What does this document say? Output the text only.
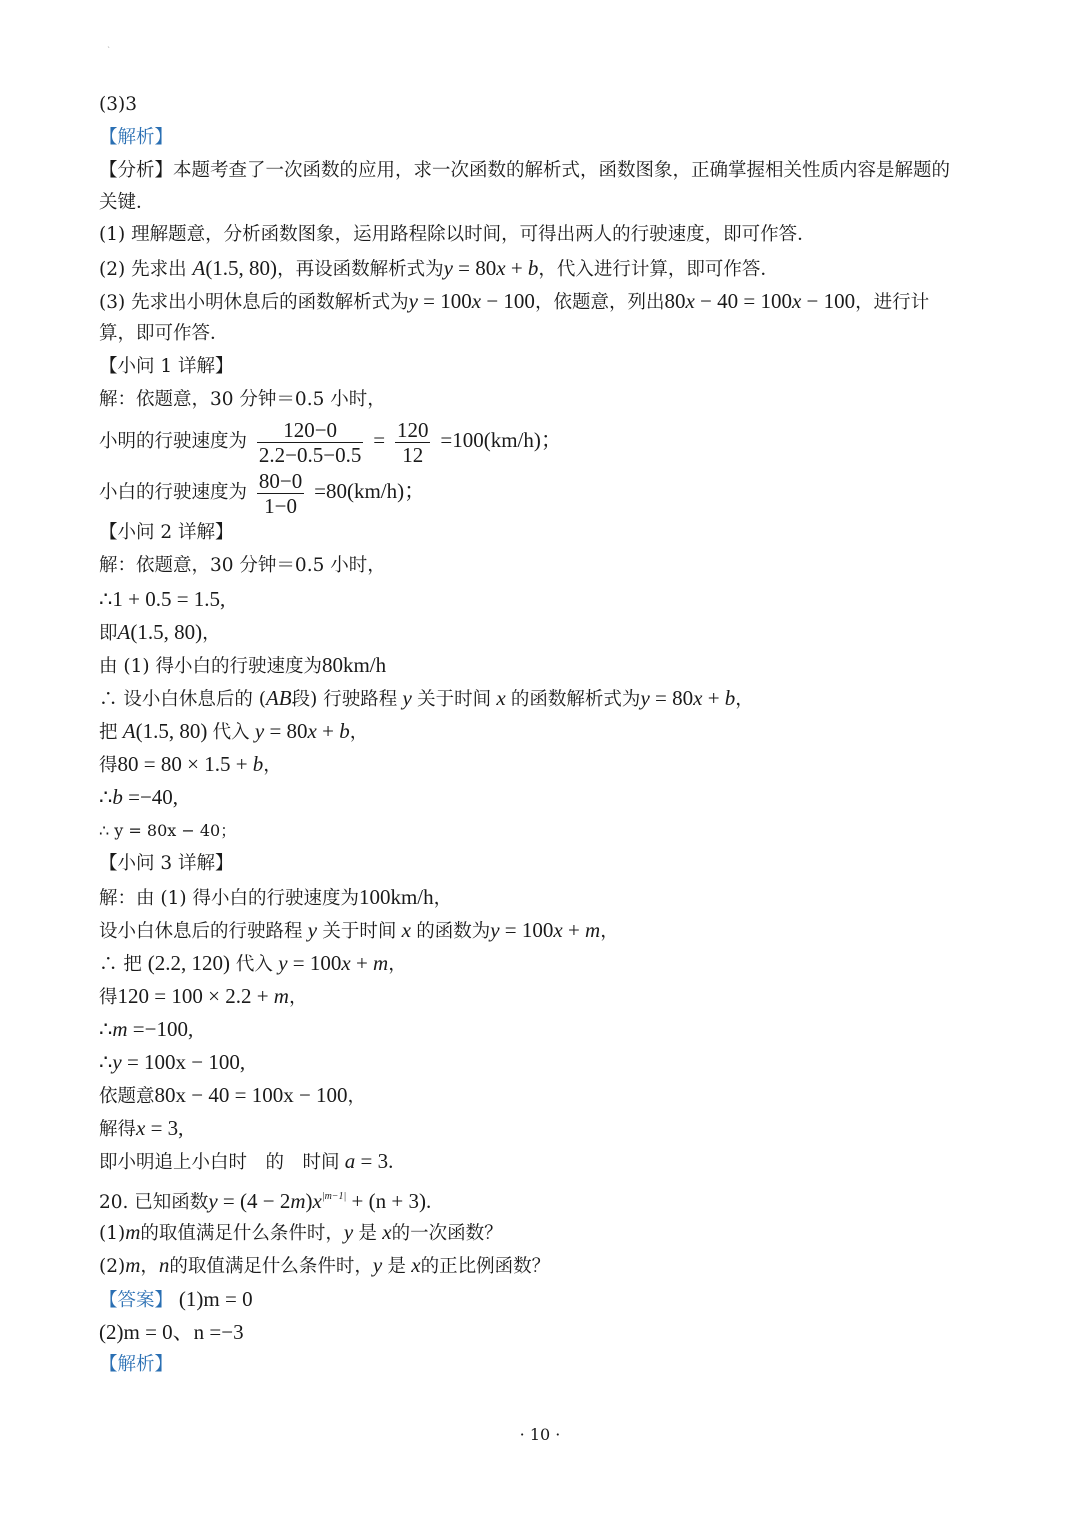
`
(3)3
【解析】
【分析】本题考查了一次函数的应用，求一次函数的解析式，函数图象，正确掌握相关性质内容是解题的
关键．
(1) 理解题意，分析函数图象，运用路程除以时间，可得出两人的行驶速度，即可作答．
(2) 先求出 A(1.5, 80)，再设函数解析式为y = 80x + b，代入进行计算，即可作答．
(3) 先求出小明休息后的函数解析式为y = 100x − 100，依题意，列出80x − 40 = 100x − 100，进行计
算，即可作答．
【小问 1 详解】
解：依题意，30 分钟＝0.5 小时，
小明的行驶速度为 $\frac{120-0}{2.2-0.5-0.5} = \frac{120}{12} =100(km/h)$；
小白的行驶速度为 $\frac{80-0}{1-0} =80(km/h)$；
【小问 2 详解】
解：依题意，30 分钟＝0.5 小时，
∴1 + 0.5 = 1.5,
即A(1.5, 80)，
由 (1) 得小白的行驶速度为80km/h
∴ 设小白休息后的 (AB段) 行驶路程 y 关于时间 x 的函数解析式为y = 80x + b，
把 A(1.5, 80) 代入 y = 80x + b，
得80 = 80 × 1.5 + b，
∴b =−40,
∴ y = 80x − 40；
【小问 3 详解】
解：由 (1) 得小白的行驶速度为100km/h，
设小白休息后的行驶路程 y 关于时间 x 的函数为y = 100x + m，
∴ 把 (2.2, 120) 代入 y = 100x + m，
得120 = 100 × 2.2 + m，
∴m =−100,
∴y = 100x − 100,
依题意80x − 40 = 100x − 100，
解得x = 3,
即小明追上小白时　的　时间 a = 3.
20. 已知函数$y = (4 - 2m)x^{|m-1|} + (n + 3)$.
(1)m的取值满足什么条件时，y 是 x的一次函数？
(2)m，n的取值满足什么条件时，y 是 x的正比例函数？
【答案】 (1)m = 0
(2)m = 0、n =−3
【解析】
· 10 ·
